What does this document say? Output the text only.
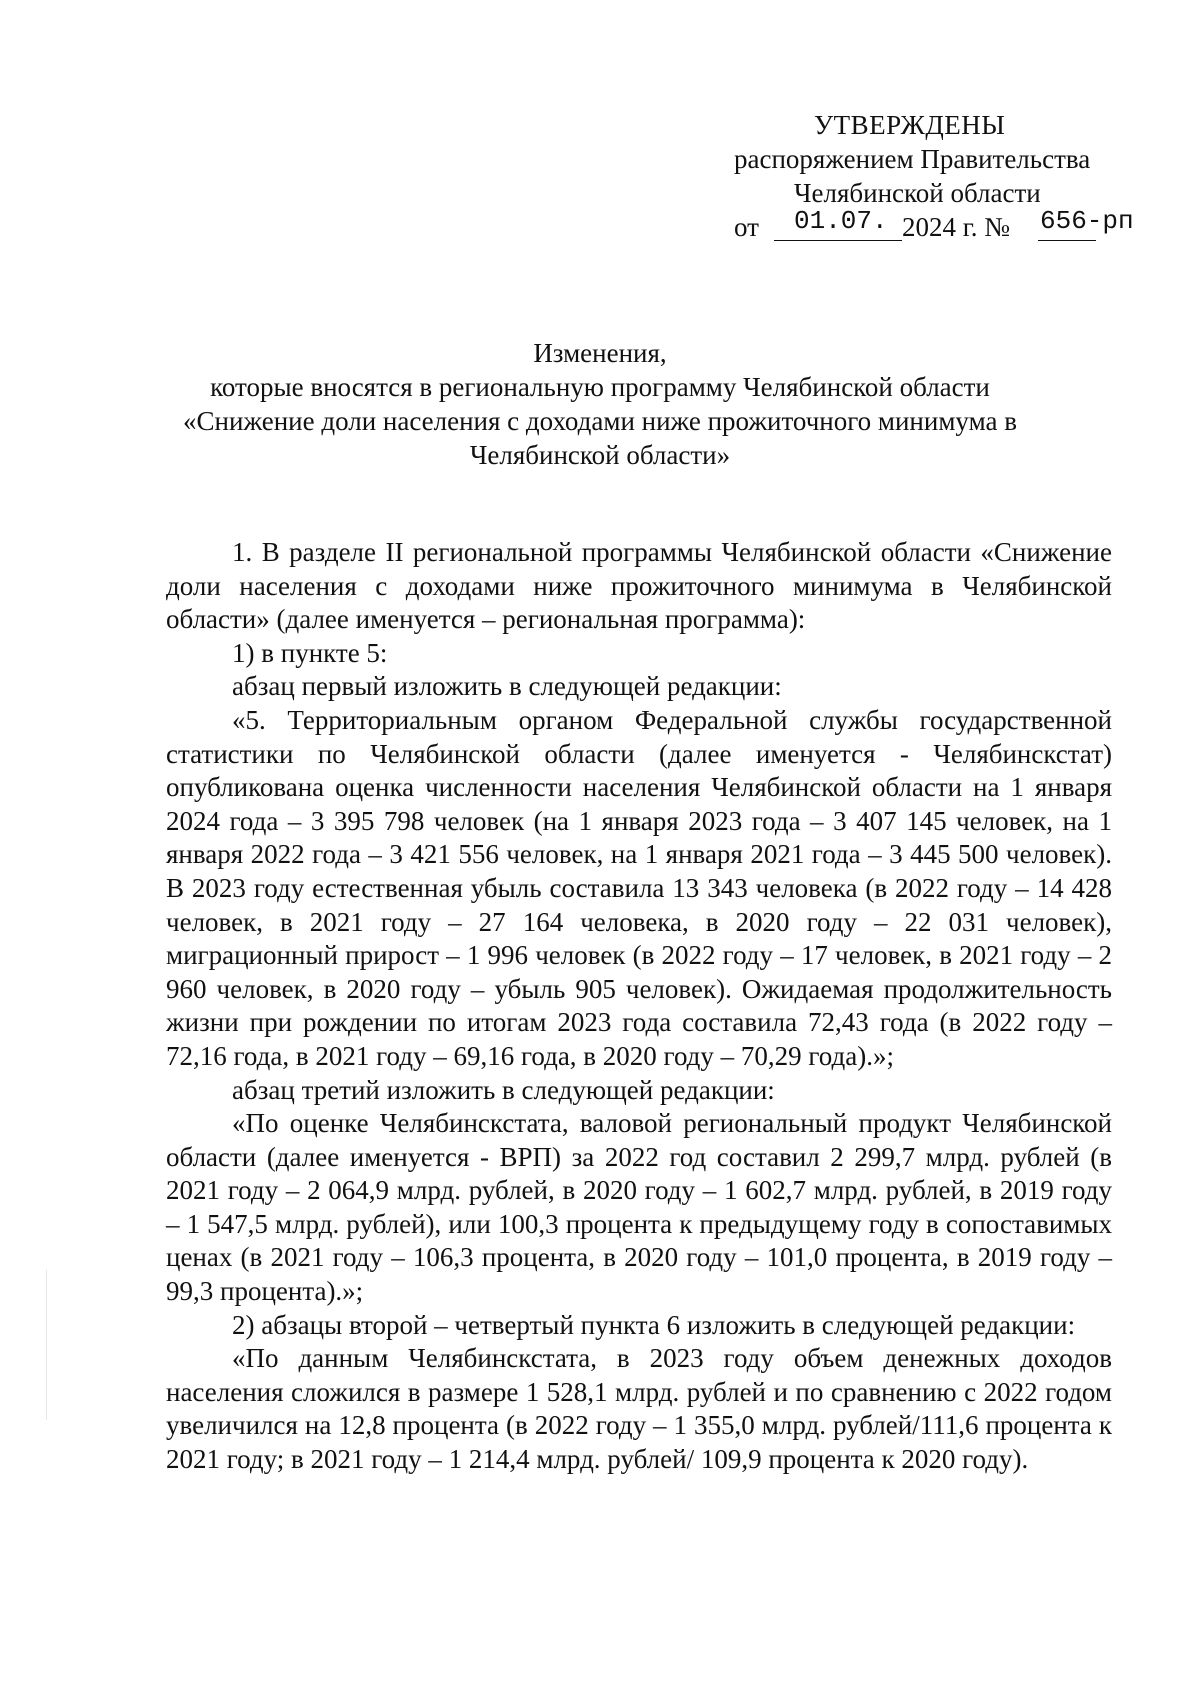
УТВЕРЖДЕНЫ
распоряжением Правительства
Челябинской области
от 01.07. 2024 г. № 656-рп
Изменения,
которые вносятся в региональную программу Челябинской области
«Снижение доли населения с доходами ниже прожиточного минимума в
Челябинской области»

1. В разделе II региональной программы Челябинской области «Снижение доли населения с доходами ниже прожиточного минимума в Челябинской области» (далее именуется – региональная программа):

1) в пункте 5:

абзац первый изложить в следующей редакции:

«5. Территориальным органом Федеральной службы государственной статистики по Челябинской области (далее именуется - Челябинскстат) опубликована оценка численности населения Челябинской области на 1 января 2024 года – 3 395 798 человек (на 1 января 2023 года – 3 407 145 человек, на 1 января 2022 года – 3 421 556 человек, на 1 января 2021 года – 3 445 500 человек). В 2023 году естественная убыль составила 13 343 человека (в 2022 году – 14 428 человек, в 2021 году – 27 164 человека, в 2020 году – 22 031 человек), миграционный прирост – 1 996 человек (в 2022 году – 17 человек, в 2021 году – 2 960 человек, в 2020 году – убыль 905 человек). Ожидаемая продолжительность жизни при рождении по итогам 2023 года составила 72,43 года (в 2022 году – 72,16 года, в 2021 году – 69,16 года, в 2020 году – 70,29 года).»;

абзац третий изложить в следующей редакции:

«По оценке Челябинскстата, валовой региональный продукт Челябинской области (далее именуется - ВРП) за 2022 год составил 2 299,7 млрд. рублей (в 2021 году – 2 064,9 млрд. рублей, в 2020 году – 1 602,7 млрд. рублей, в 2019 году – 1 547,5 млрд. рублей), или 100,3 процента к предыдущему году в сопоставимых ценах (в 2021 году – 106,3 процента, в 2020 году – 101,0 процента, в 2019 году – 99,3 процента).»;

2) абзацы второй – четвертый пункта 6 изложить в следующей редакции:

«По данным Челябинскстата, в 2023 году объем денежных доходов населения сложился в размере 1 528,1 млрд. рублей и по сравнению с 2022 годом увеличился на 12,8 процента (в 2022 году – 1 355,0 млрд. рублей/111,6 процента к 2021 году; в 2021 году – 1 214,4 млрд. рублей/ 109,9 процента к 2020 году).
